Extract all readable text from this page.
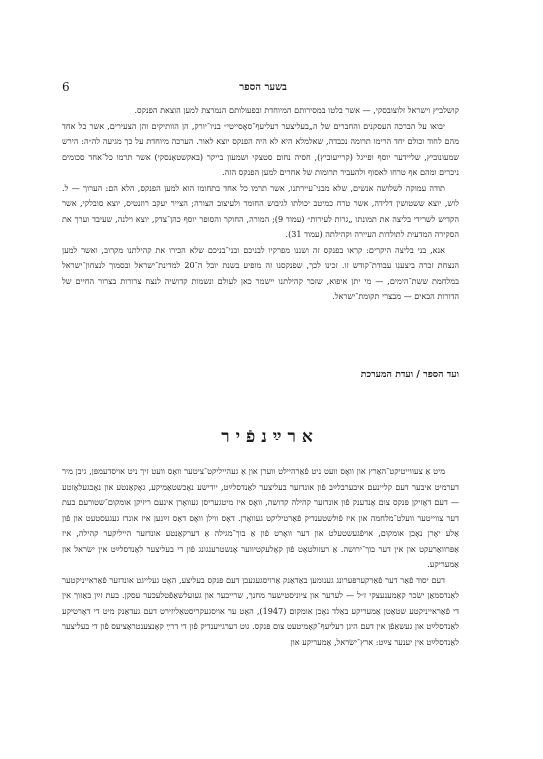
בשער הספר
6

קושלביץ וישראל זלוצובסקי, — אשר בלטו במסירותם המיוחדת ובפעולותם הנמרצת למען הוצאת הפנקס.

יבואו על הברכה העסקנים והחברים של ה„בעליצער רעליעף־סאָסייטי״ בניו־יורק, הן הוותיקים והן הצעירים, אשר כל אחד מהם לחוד וכולם יחד הרימו תרומה נכבדה, שאלמלא היא לא היה הפנקס יוצא לאור. הערכה מיוחדת על כך מגיעה לה״ה: הירש שמעונוביץ, שליידער יוסף ופייגל (קרייעוביץ), חסיה נחום סטצקי ושמעון בייקר (באקשטאָנסקי) אשר תרמו כל־אחד סכומים ניכרים ומהם אף טרחו לאסוף ולהעביר תרומות של אחרים למען הפנקס הזה.

תודה עמוקה לשלושה אנשים, שלא מבני־עיירתנו, אשר תרמו כל אחד בתחומו הוא למען הפנקס, הלא הם: הערוך — ל. לוש, יוצא ששטושין דלידה, אשר טרח כמיטב יכולתו לגיבוש החומר ולעיצוב הצורה; הצייר יעקב רוזנטיס, יוצא סובלקי, אשר הקדיש לשרידי בליצה את תמונתו „גרות לעירות״ (עמוד 9); המורה, החוקר והסופר יוסף כהן־צדק, יוצא וילנה, שעיבד וערך את הסקירה המדעית לתולדות העיירה וקהילתה (עמוד 31).

אנא, בני בליצה היקרים: קראו בפנקס זה ושננו מפרקיו לבניכם ובני־בניכם שלא הכירו את קהילתנו מקרוב, ואשר למען הנצחת זכרה ביצענו עבודת־קודש זו. זכינו לכך, שפנקסנו זה מופיע בשנת יובל ה־20 למדינת־ישראל ובסמוך לנצחון־ישראל במלחמת ששת־הימים, — מי יתן איפוא, שזכר קהילתנו יישמר כאן לעולם ונשמות קדושיה לנצח צרורות בצרור החיים של הדורות הבאים — מבצרי תקומת־ישראל.

ועד הספר / ועדת המערכת
ארײַנפֿיר

מיט אַ צעווייטיקט־האַרץ און וואָס וועט ניט פֿאַרהיילט ווערן און אַ געהייליקט־ציטער וואָס וועט זיך ניט אויסדעמפּן, גיבן מיר דערמיט איבער דעם קליינעם איבערבלײַב פֿון אונדזער בעליצער לאַנדסלײַט, ייִדישע נאָכשטאַמיקע, גאָקאַנטע און נאָכגעלאָזטע — דעם דאָזיקן פּנקס צום אָנדענק פֿון אונדזער קהילה קדושה, וואָס איז מיטגעריסן געוואָרן אינעם ריזיקן אומקום־שטורעם בעת דער צווייטער וועלט־מלחמה און איז פֿולשטענדיק פֿאַרטיליקט געוואָרן. דאָס ווילן וואָס דאָס זײַנען איז אונדז געגעסטעט און פֿון אַלע יאָרן נאָכן אומקום, אויפֿגעשטעלט און דער וואָרט פֿון אַ בוך־מגילה אַ דערקאַנטע אונדזער הייליקער קהילה, איז אַפּרוואַרעקט און אין דער בוך־ירושה. אַ רעזולטאַט פֿון קאָלעקטיווער אָנשטרענגונג פֿון די בעליצער לאַנדסלײַט אין ישׂראל און אַמעריקע.

דעם יסוד פֿאַר דער פֿאַרקערפּערונג גענומען באַדאַנק אַרויסגעגעבן דעם פּנקס בעליצע, האָט געלייגט אונדזער פֿאַראייניקטער לאַנדסמאַן ישׂכר קאַמענעצקי ז״ל — לערער און ציוניסטישער מחנך, שרייבער און געזעלשאַפֿטלעכער עסקן. בעת זײַן באַזוך אין די פֿאַראייניקטע שטאַטן אַמעריקע באַלד נאָכן אומקום (1947), האָט ער אויסגעקריסטאַליזירט דעם געדאַנק מיט די דאָרטיקע לאַנדסלײַט און געשאַפֿן אין דעם היגן רעליעף־קאָמיטעט צום פּנקס. גוט דערגייענדיק פֿון די דרײַ קאָנצענטראַציעס פֿון די בעליצער לאַנדסלײַט אין יענער צײַט: ארץ־ישׂראל, אַמעריקע און
